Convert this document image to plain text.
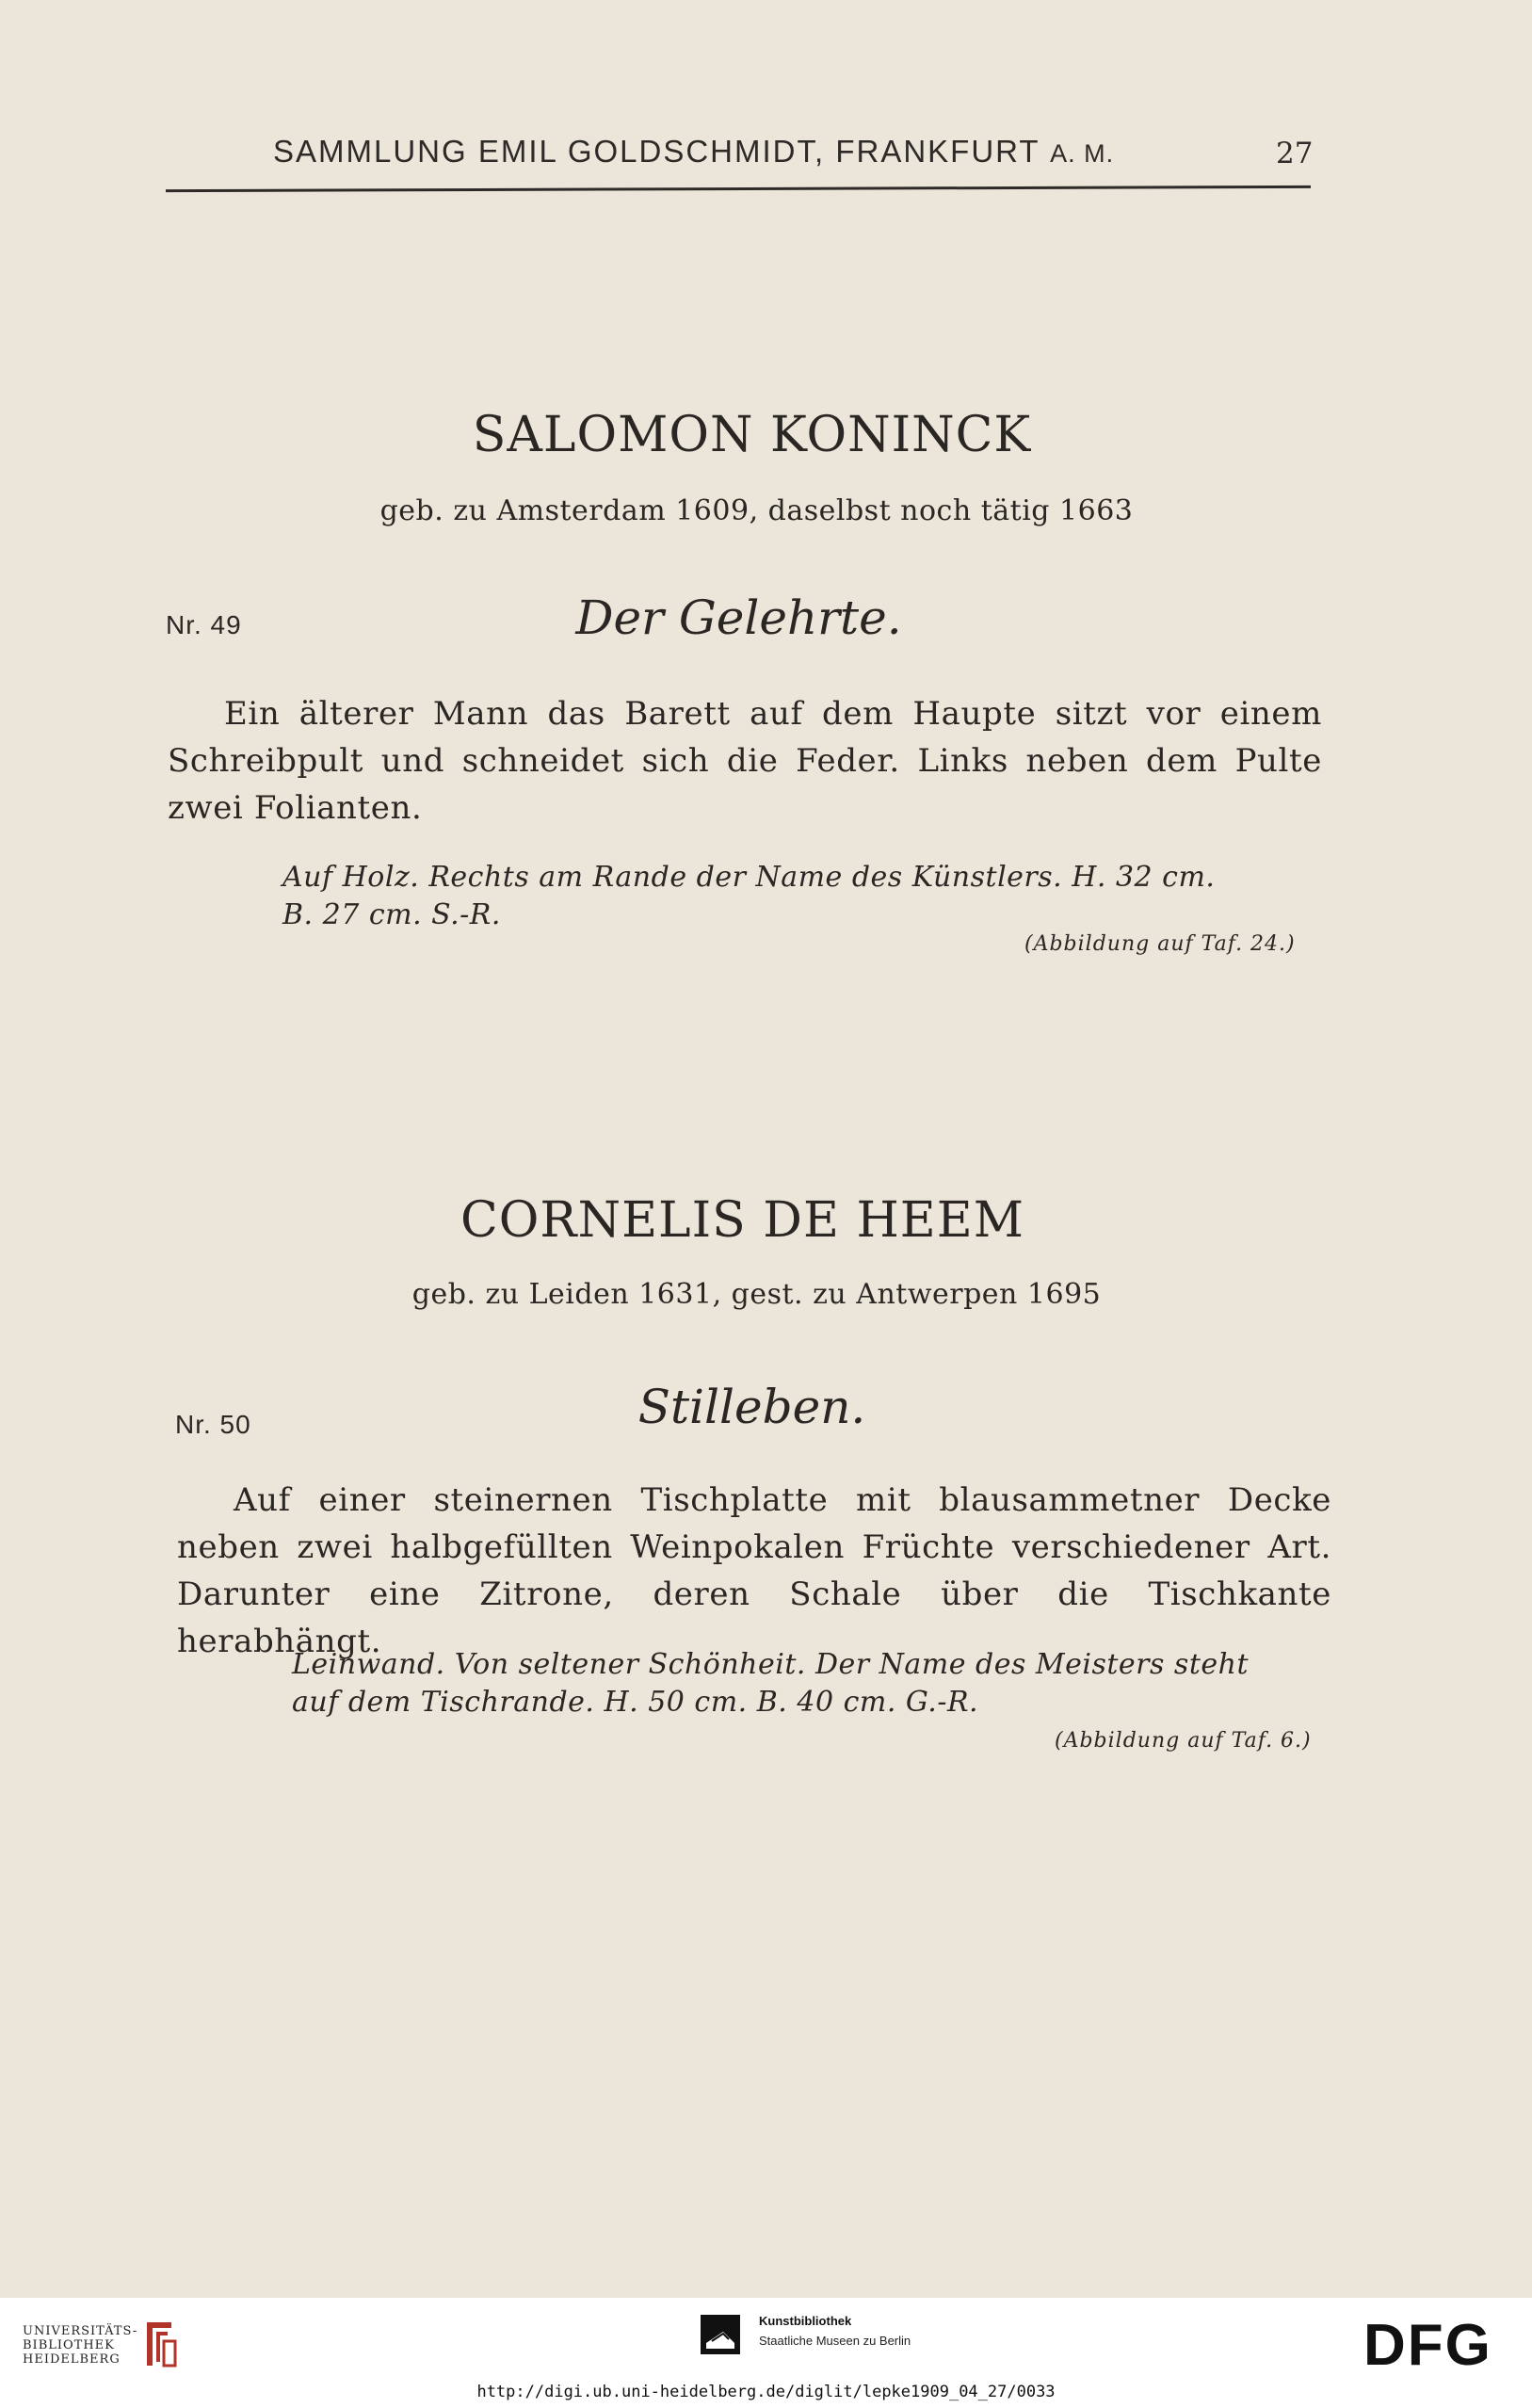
SAMMLUNG EMIL GOLDSCHMIDT, FRANKFURT A. M.	27
SALOMON KONINCK
geb. zu Amsterdam 1609, daselbst noch tätig 1663
Nr. 49	Der Gelehrte.
Ein älterer Mann das Barett auf dem Haupte sitzt vor einem Schreibpult und schneidet sich die Feder. Links neben dem Pulte zwei Folianten.
Auf Holz. Rechts am Rande der Name des Künstlers. H. 32 cm.
B. 27 cm. S.-R.
(Abbildung auf Taf. 24.)
CORNELIS DE HEEM
geb. zu Leiden 1631, gest. zu Antwerpen 1695
Nr. 50	Stilleben.
Auf einer steinernen Tischplatte mit blausammetner Decke neben zwei halbgefüllten Weinpokalen Früchte verschiedener Art. Darunter eine Zitrone, deren Schale über die Tischkante herabhängt.
Leinwand. Von seltener Schönheit. Der Name des Meisters steht
auf dem Tischrande. H. 50 cm. B. 40 cm. G.-R.
(Abbildung auf Taf. 6.)
UNIVERSITÄTS-
BIBLIOTHEK
HEIDELBERG
Kunstbibliothek
Staatliche Museen zu Berlin	DFG
http://digi.ub.uni-heidelberg.de/diglit/lepke1909_04_27/0033
